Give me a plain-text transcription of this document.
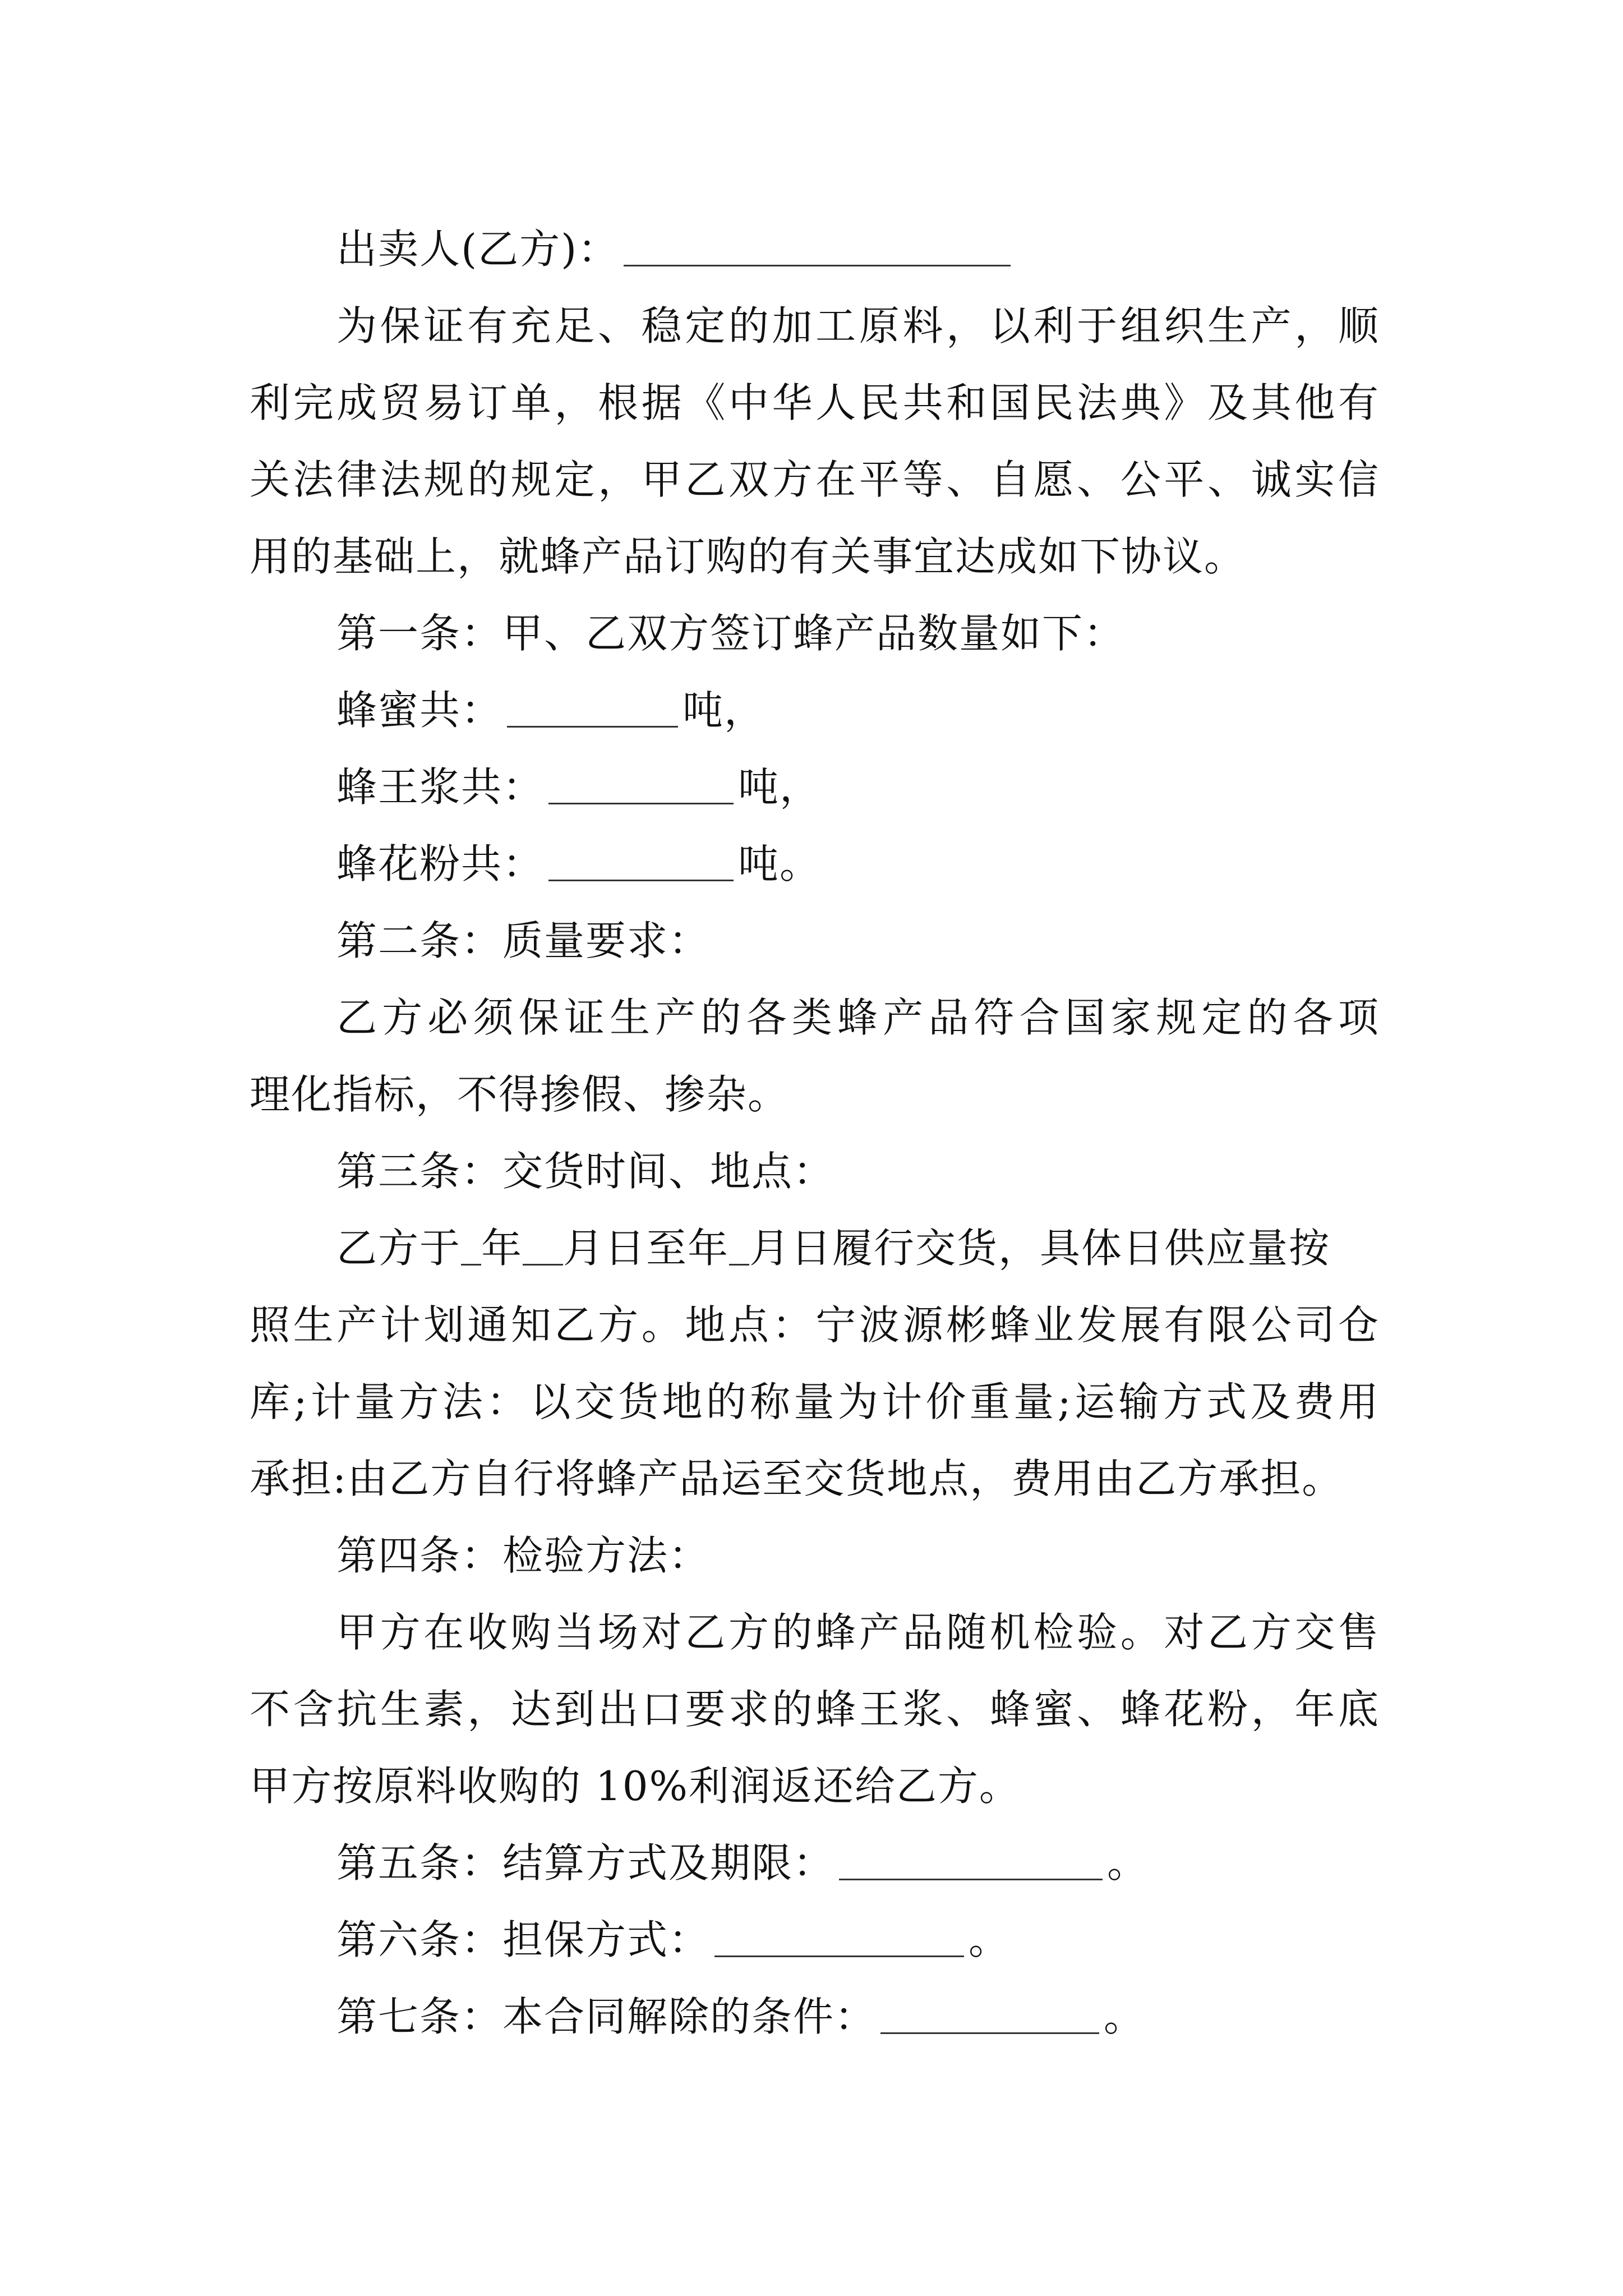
出卖人(乙方)：
为保证有充足、稳定的加工原料，以利于组织生产，顺
利完成贸易订单，根据《中华人民共和国民法典》及其他有
关法律法规的规定，甲乙双方在平等、自愿、公平、诚实信
用的基础上，就蜂产品订购的有关事宜达成如下协议。
第一条：甲、乙双方签订蜂产品数量如下：
蜂蜜共：	吨，
蜂王浆共：	吨，
蜂花粉共：	吨。
第二条：质量要求：
乙方必须保证生产的各类蜂产品符合国家规定的各项
理化指标，不得掺假、掺杂。
第三条：交货时间、地点：
乙方于 年 月日至年 月日履行交货，具体日供应量按
照生产计划通知乙方。地点：宁波源彬蜂业发展有限公司仓
库;计量方法：以交货地的称量为计价重量;运输方式及费用
承担:由乙方自行将蜂产品运至交货地点，费用由乙方承担。
第四条：检验方法：
甲方在收购当场对乙方的蜂产品随机检验。对乙方交售
不含抗生素，达到出口要求的蜂王浆、蜂蜜、蜂花粉，年底
甲方按原料收购的 10%利润返还给乙方。
第五条：结算方式及期限：	。
第六条：担保方式：	。
第七条：本合同解除的条件：	。
